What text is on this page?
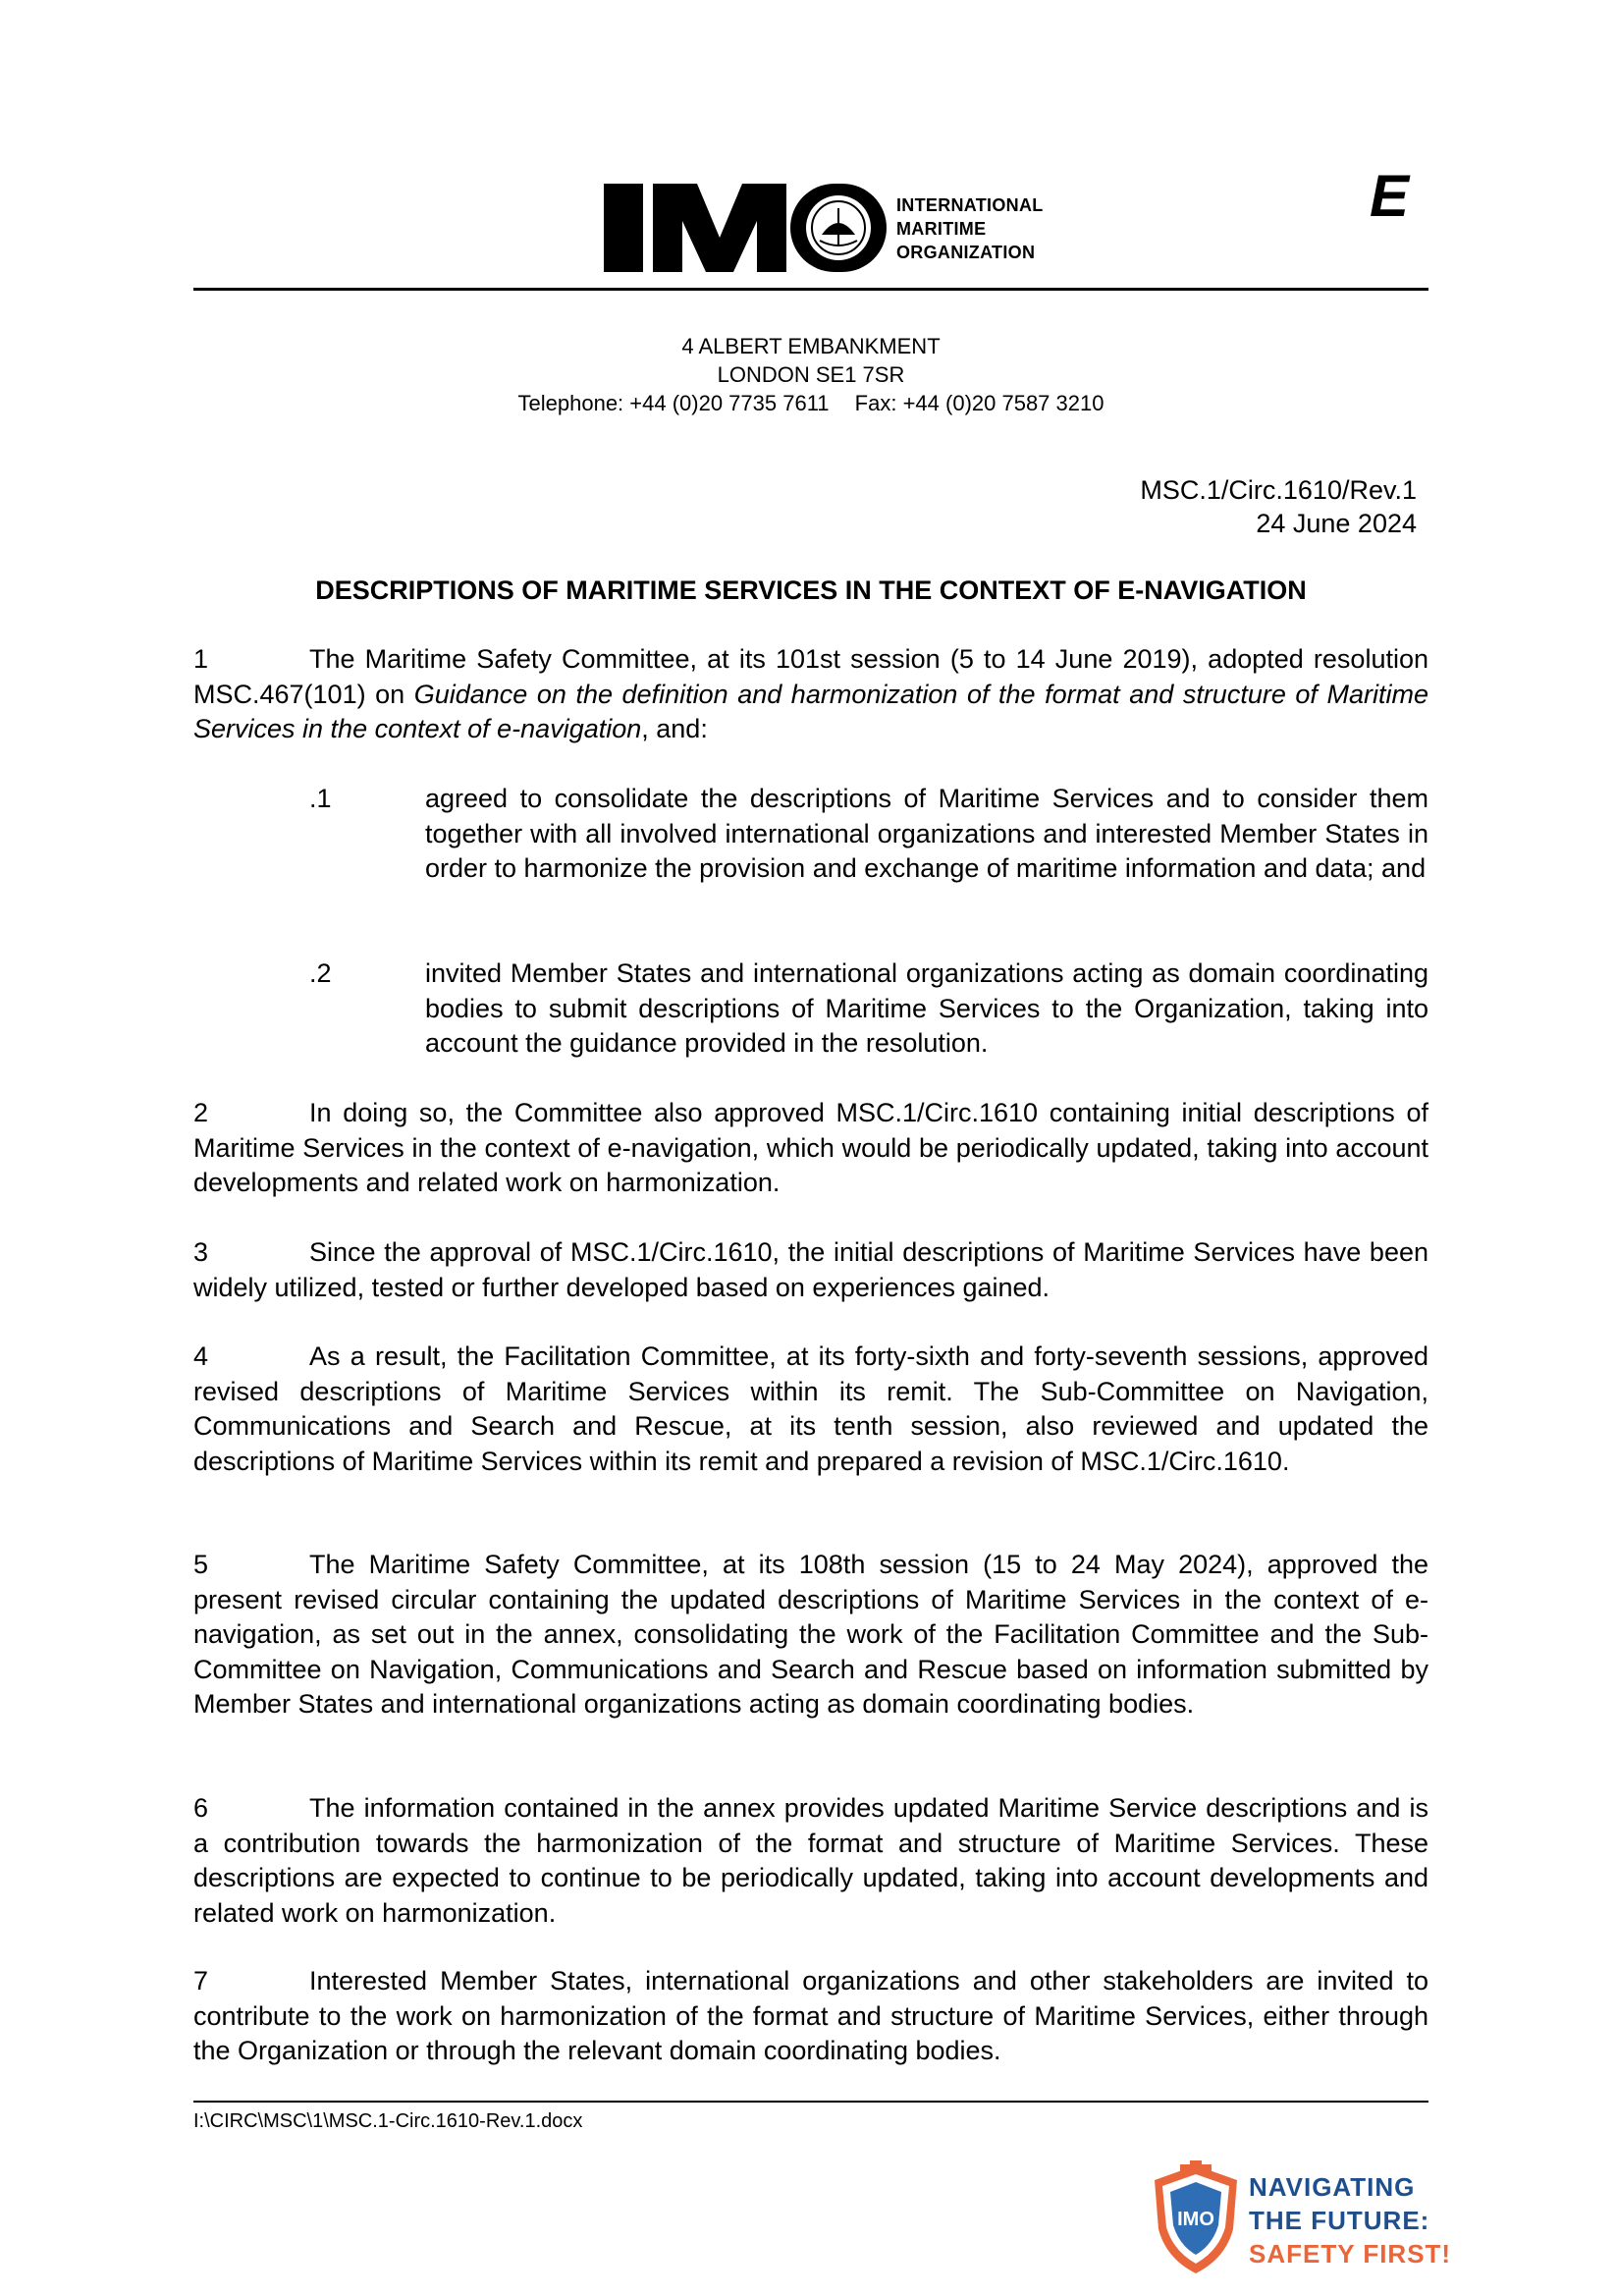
INTERNATIONAL
MARITIME
ORGANIZATION
E
4 ALBERT EMBANKMENT
LONDON SE1 7SR
Telephone: +44 (0)20 7735 7611 Fax: +44 (0)20 7587 3210
MSC.1/Circ.1610/Rev.1
24 June 2024
DESCRIPTIONS OF MARITIME SERVICES IN THE CONTEXT OF E-NAVIGATION
1	The Maritime Safety Committee, at its 101st session (5 to 14 June 2019), adopted resolution MSC.467(101) on Guidance on the definition and harmonization of the format and structure of Maritime Services in the context of e-navigation, and:
.1	agreed to consolidate the descriptions of Maritime Services and to consider them together with all involved international organizations and interested Member States in order to harmonize the provision and exchange of maritime information and data; and
.2	invited Member States and international organizations acting as domain coordinating bodies to submit descriptions of Maritime Services to the Organization, taking into account the guidance provided in the resolution.
2	In doing so, the Committee also approved MSC.1/Circ.1610 containing initial descriptions of Maritime Services in the context of e-navigation, which would be periodically updated, taking into account developments and related work on harmonization.
3	Since the approval of MSC.1/Circ.1610, the initial descriptions of Maritime Services have been widely utilized, tested or further developed based on experiences gained.
4	As a result, the Facilitation Committee, at its forty-sixth and forty-seventh sessions, approved revised descriptions of Maritime Services within its remit. The Sub-Committee on Navigation, Communications and Search and Rescue, at its tenth session, also reviewed and updated the descriptions of Maritime Services within its remit and prepared a revision of MSC.1/Circ.1610.
5	The Maritime Safety Committee, at its 108th session (15 to 24 May 2024), approved the present revised circular containing the updated descriptions of Maritime Services in the context of e-navigation, as set out in the annex, consolidating the work of the Facilitation Committee and the Sub-Committee on Navigation, Communications and Search and Rescue based on information submitted by Member States and international organizations acting as domain coordinating bodies.
6	The information contained in the annex provides updated Maritime Service descriptions and is a contribution towards the harmonization of the format and structure of Maritime Services. These descriptions are expected to continue to be periodically updated, taking into account developments and related work on harmonization.
7	Interested Member States, international organizations and other stakeholders are invited to contribute to the work on harmonization of the format and structure of Maritime Services, either through the Organization or through the relevant domain coordinating bodies.
I:\CIRC\MSC\1\MSC.1-Circ.1610-Rev.1.docx
IMO
NAVIGATING
THE FUTURE:
SAFETY FIRST!
